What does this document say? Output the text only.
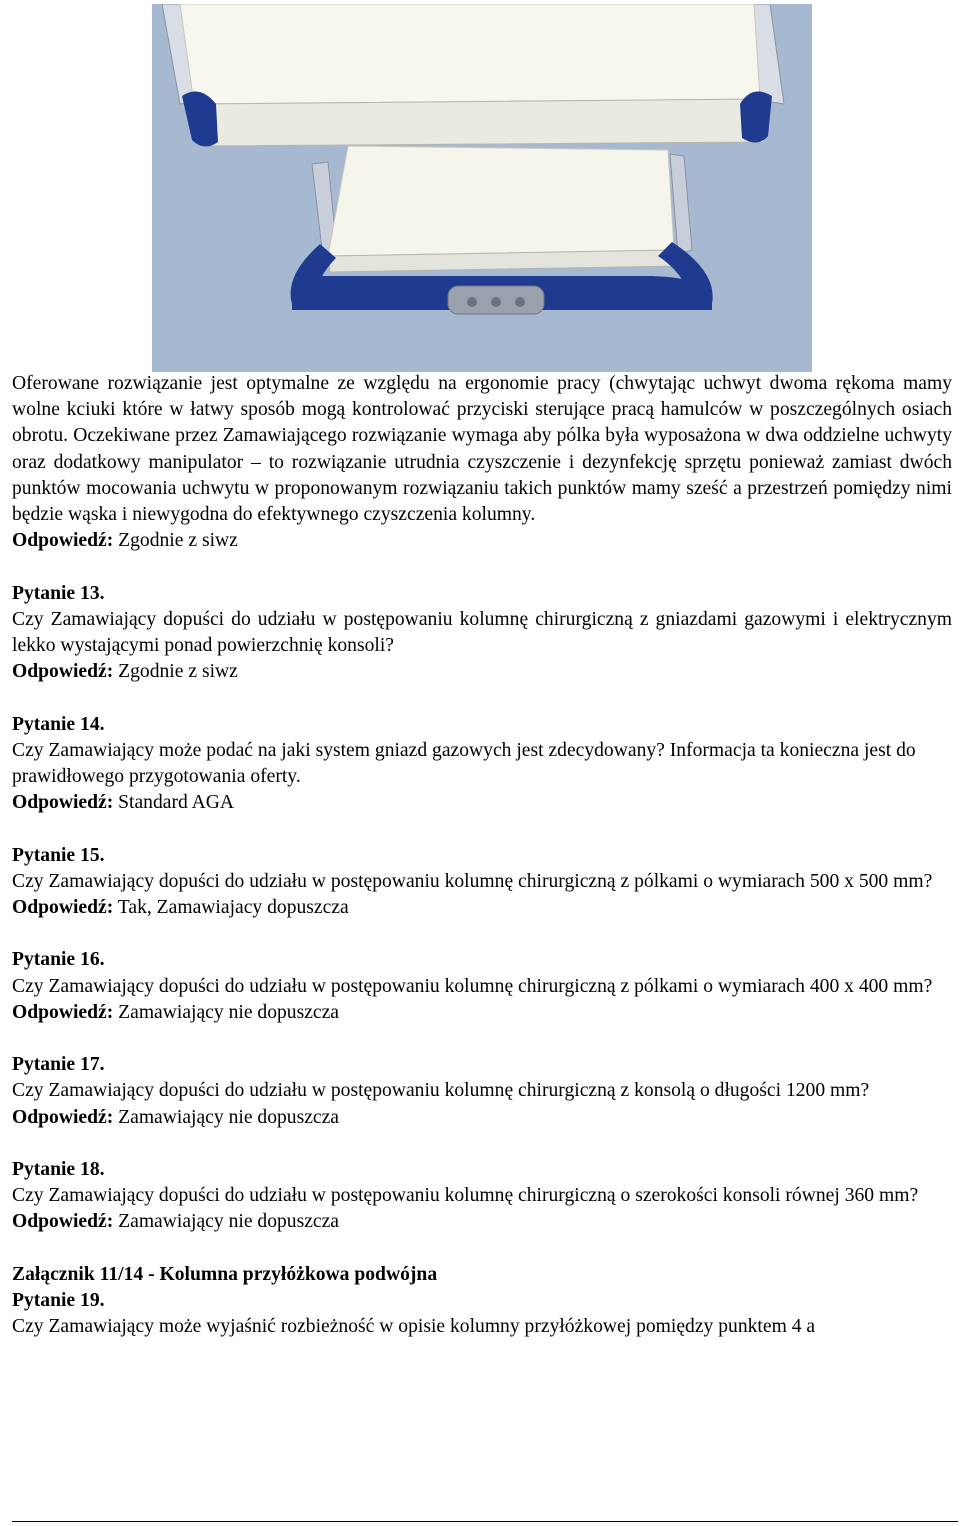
Oferowane rozwiązanie jest optymalne ze względu na ergonomie pracy (chwytając uchwyt dwoma rękoma mamy wolne kciuki które w łatwy sposób mogą kontrolować przyciski sterujące pracą hamulców w poszczególnych osiach obrotu. Oczekiwane przez Zamawiającego rozwiązanie wymaga aby pólka była wyposażona w dwa oddzielne uchwyty oraz dodatkowy manipulator – to rozwiązanie utrudnia czyszczenie i dezynfekcję sprzętu ponieważ zamiast dwóch punktów mocowania uchwytu w proponowanym rozwiązaniu takich punktów mamy sześć a przestrzeń pomiędzy nimi będzie wąska i niewygodna do efektywnego czyszczenia kolumny.

Odpowiedź: Zgodnie z siwz

Pytanie 13.

Czy Zamawiający dopuści do udziału w postępowaniu kolumnę chirurgiczną z gniazdami gazowymi i elektrycznym lekko wystającymi ponad powierzchnię konsoli?

Odpowiedź: Zgodnie z siwz

Pytanie 14.

Czy Zamawiający może podać na jaki system gniazd gazowych jest zdecydowany? Informacja ta konieczna jest do prawidłowego przygotowania oferty.

Odpowiedź: Standard AGA

Pytanie 15.

Czy Zamawiający dopuści do udziału w postępowaniu kolumnę chirurgiczną z pólkami o wymiarach 500 x 500 mm?

Odpowiedź: Tak, Zamawiajacy dopuszcza

Pytanie 16.

Czy Zamawiający dopuści do udziału w postępowaniu kolumnę chirurgiczną z pólkami o wymiarach 400 x 400 mm?

Odpowiedź: Zamawiający nie dopuszcza

Pytanie 17.

Czy Zamawiający dopuści do udziału w postępowaniu kolumnę chirurgiczną z konsolą o długości 1200 mm?

Odpowiedź: Zamawiający nie dopuszcza

Pytanie 18.

Czy Zamawiający dopuści do udziału w postępowaniu kolumnę chirurgiczną o szerokości konsoli równej 360 mm?

Odpowiedź: Zamawiający nie dopuszcza

Załącznik 11/14 - Kolumna przyłóżkowa podwójna

Pytanie 19.

Czy Zamawiający może wyjaśnić rozbieżność w opisie kolumny przyłóżkowej pomiędzy punktem 4 a
